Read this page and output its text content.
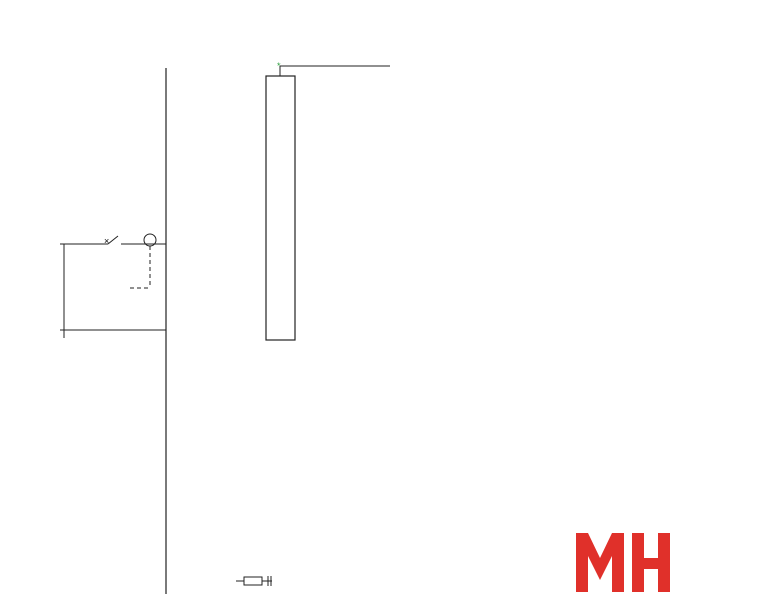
×
*
